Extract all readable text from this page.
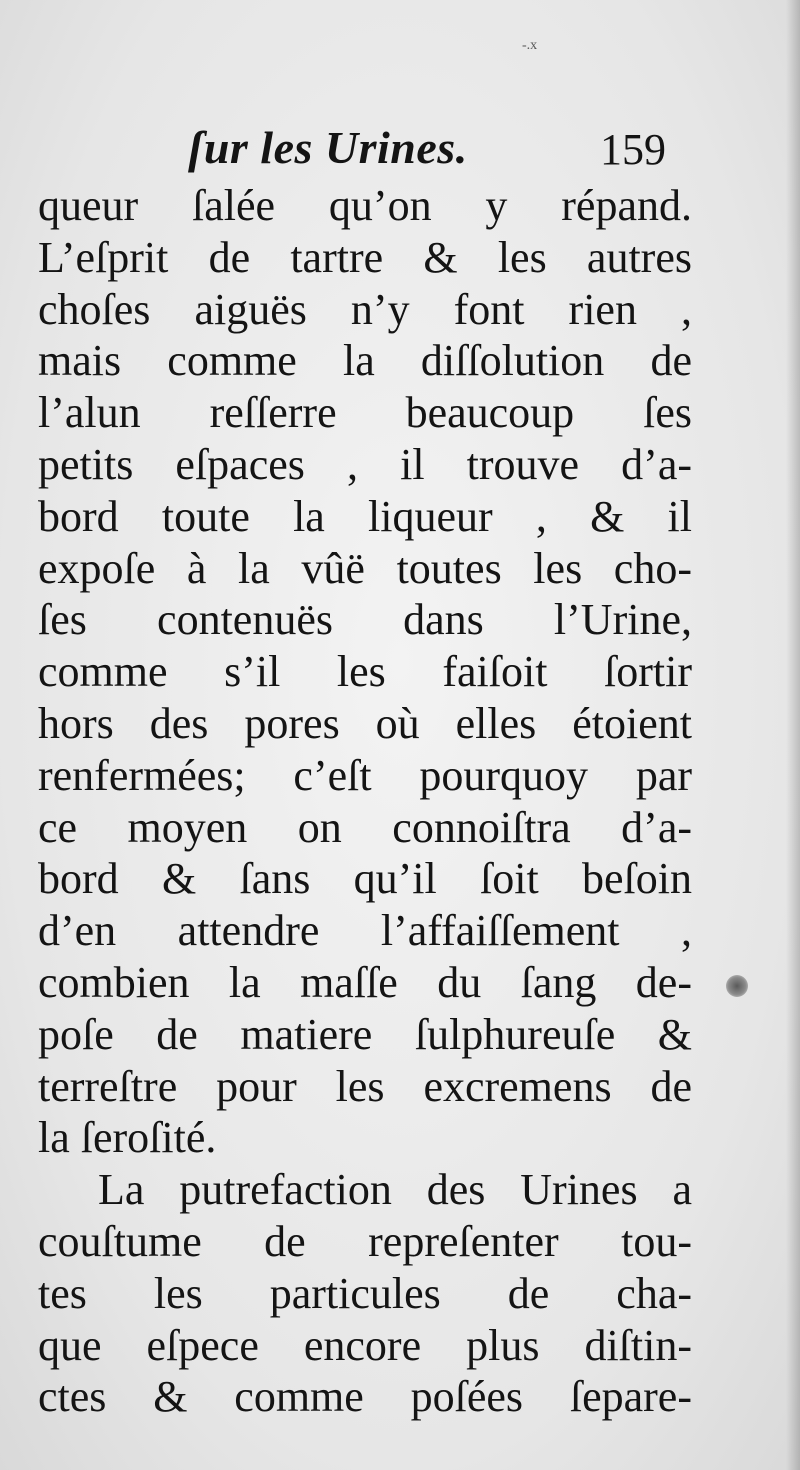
-.x
ſur les Urines.	159
queur ſalée qu’on y répand.
L’eſprit de tartre & les autres
choſes aiguës n’y font rien ,
mais comme la diſſolution de
l’alun reſſerre beaucoup ſes
petits eſpaces , il trouve d’a-
bord toute la liqueur , & il
expoſe à la vûë toutes les cho-
ſes contenuës dans l’Urine,
comme s’il les faiſoit ſortir
hors des pores où elles étoient
renfermées; c’eſt pourquoy par
ce moyen on connoiſtra d’a-
bord & ſans qu’il ſoit beſoin
d’en attendre l’affaiſſement ,
combien la maſſe du ſang de-
poſe de matiere ſulphureuſe &
terreſtre pour les excremens de
la ſeroſité.
La putrefaction des Urines a
couſtume de repreſenter tou-
tes les particules de cha-
que eſpece encore plus diſtin-
ctes & comme poſées ſepare-
